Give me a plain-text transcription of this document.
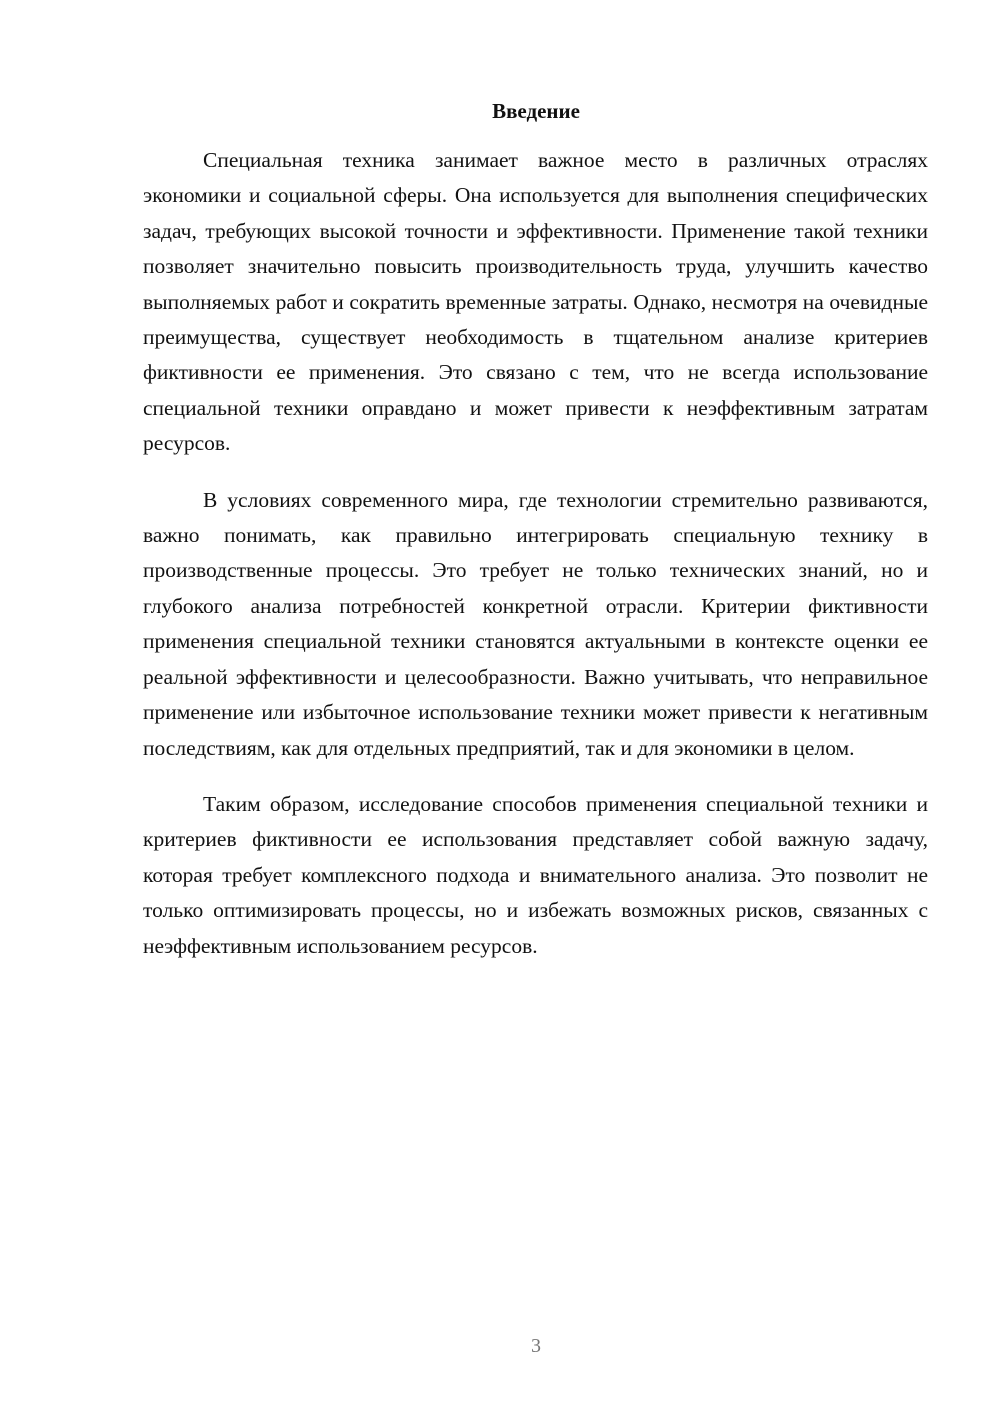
Введение

Специальная техника занимает важное место в различных отраслях экономики и социальной сферы. Она используется для выполнения специфических задач, требующих высокой точности и эффективности. Применение такой техники позволяет значительно повысить производительность труда, улучшить качество выполняемых работ и сократить временные затраты. Однако, несмотря на очевидные преимущества, существует необходимость в тщательном анализе критериев фиктивности ее применения. Это связано с тем, что не всегда использование специальной техники оправдано и может привести к неэффективным затратам ресурсов.

В условиях современного мира, где технологии стремительно развиваются, важно понимать, как правильно интегрировать специальную технику в производственные процессы. Это требует не только технических знаний, но и глубокого анализа потребностей конкретной отрасли. Критерии фиктивности применения специальной техники становятся актуальными в контексте оценки ее реальной эффективности и целесообразности. Важно учитывать, что неправильное применение или избыточное использование техники может привести к негативным последствиям, как для отдельных предприятий, так и для экономики в целом.

Таким образом, исследование способов применения специальной техники и критериев фиктивности ее использования представляет собой важную задачу, которая требует комплексного подхода и внимательного анализа. Это позволит не только оптимизировать процессы, но и избежать возможных рисков, связанных с неэффективным использованием ресурсов.

3
